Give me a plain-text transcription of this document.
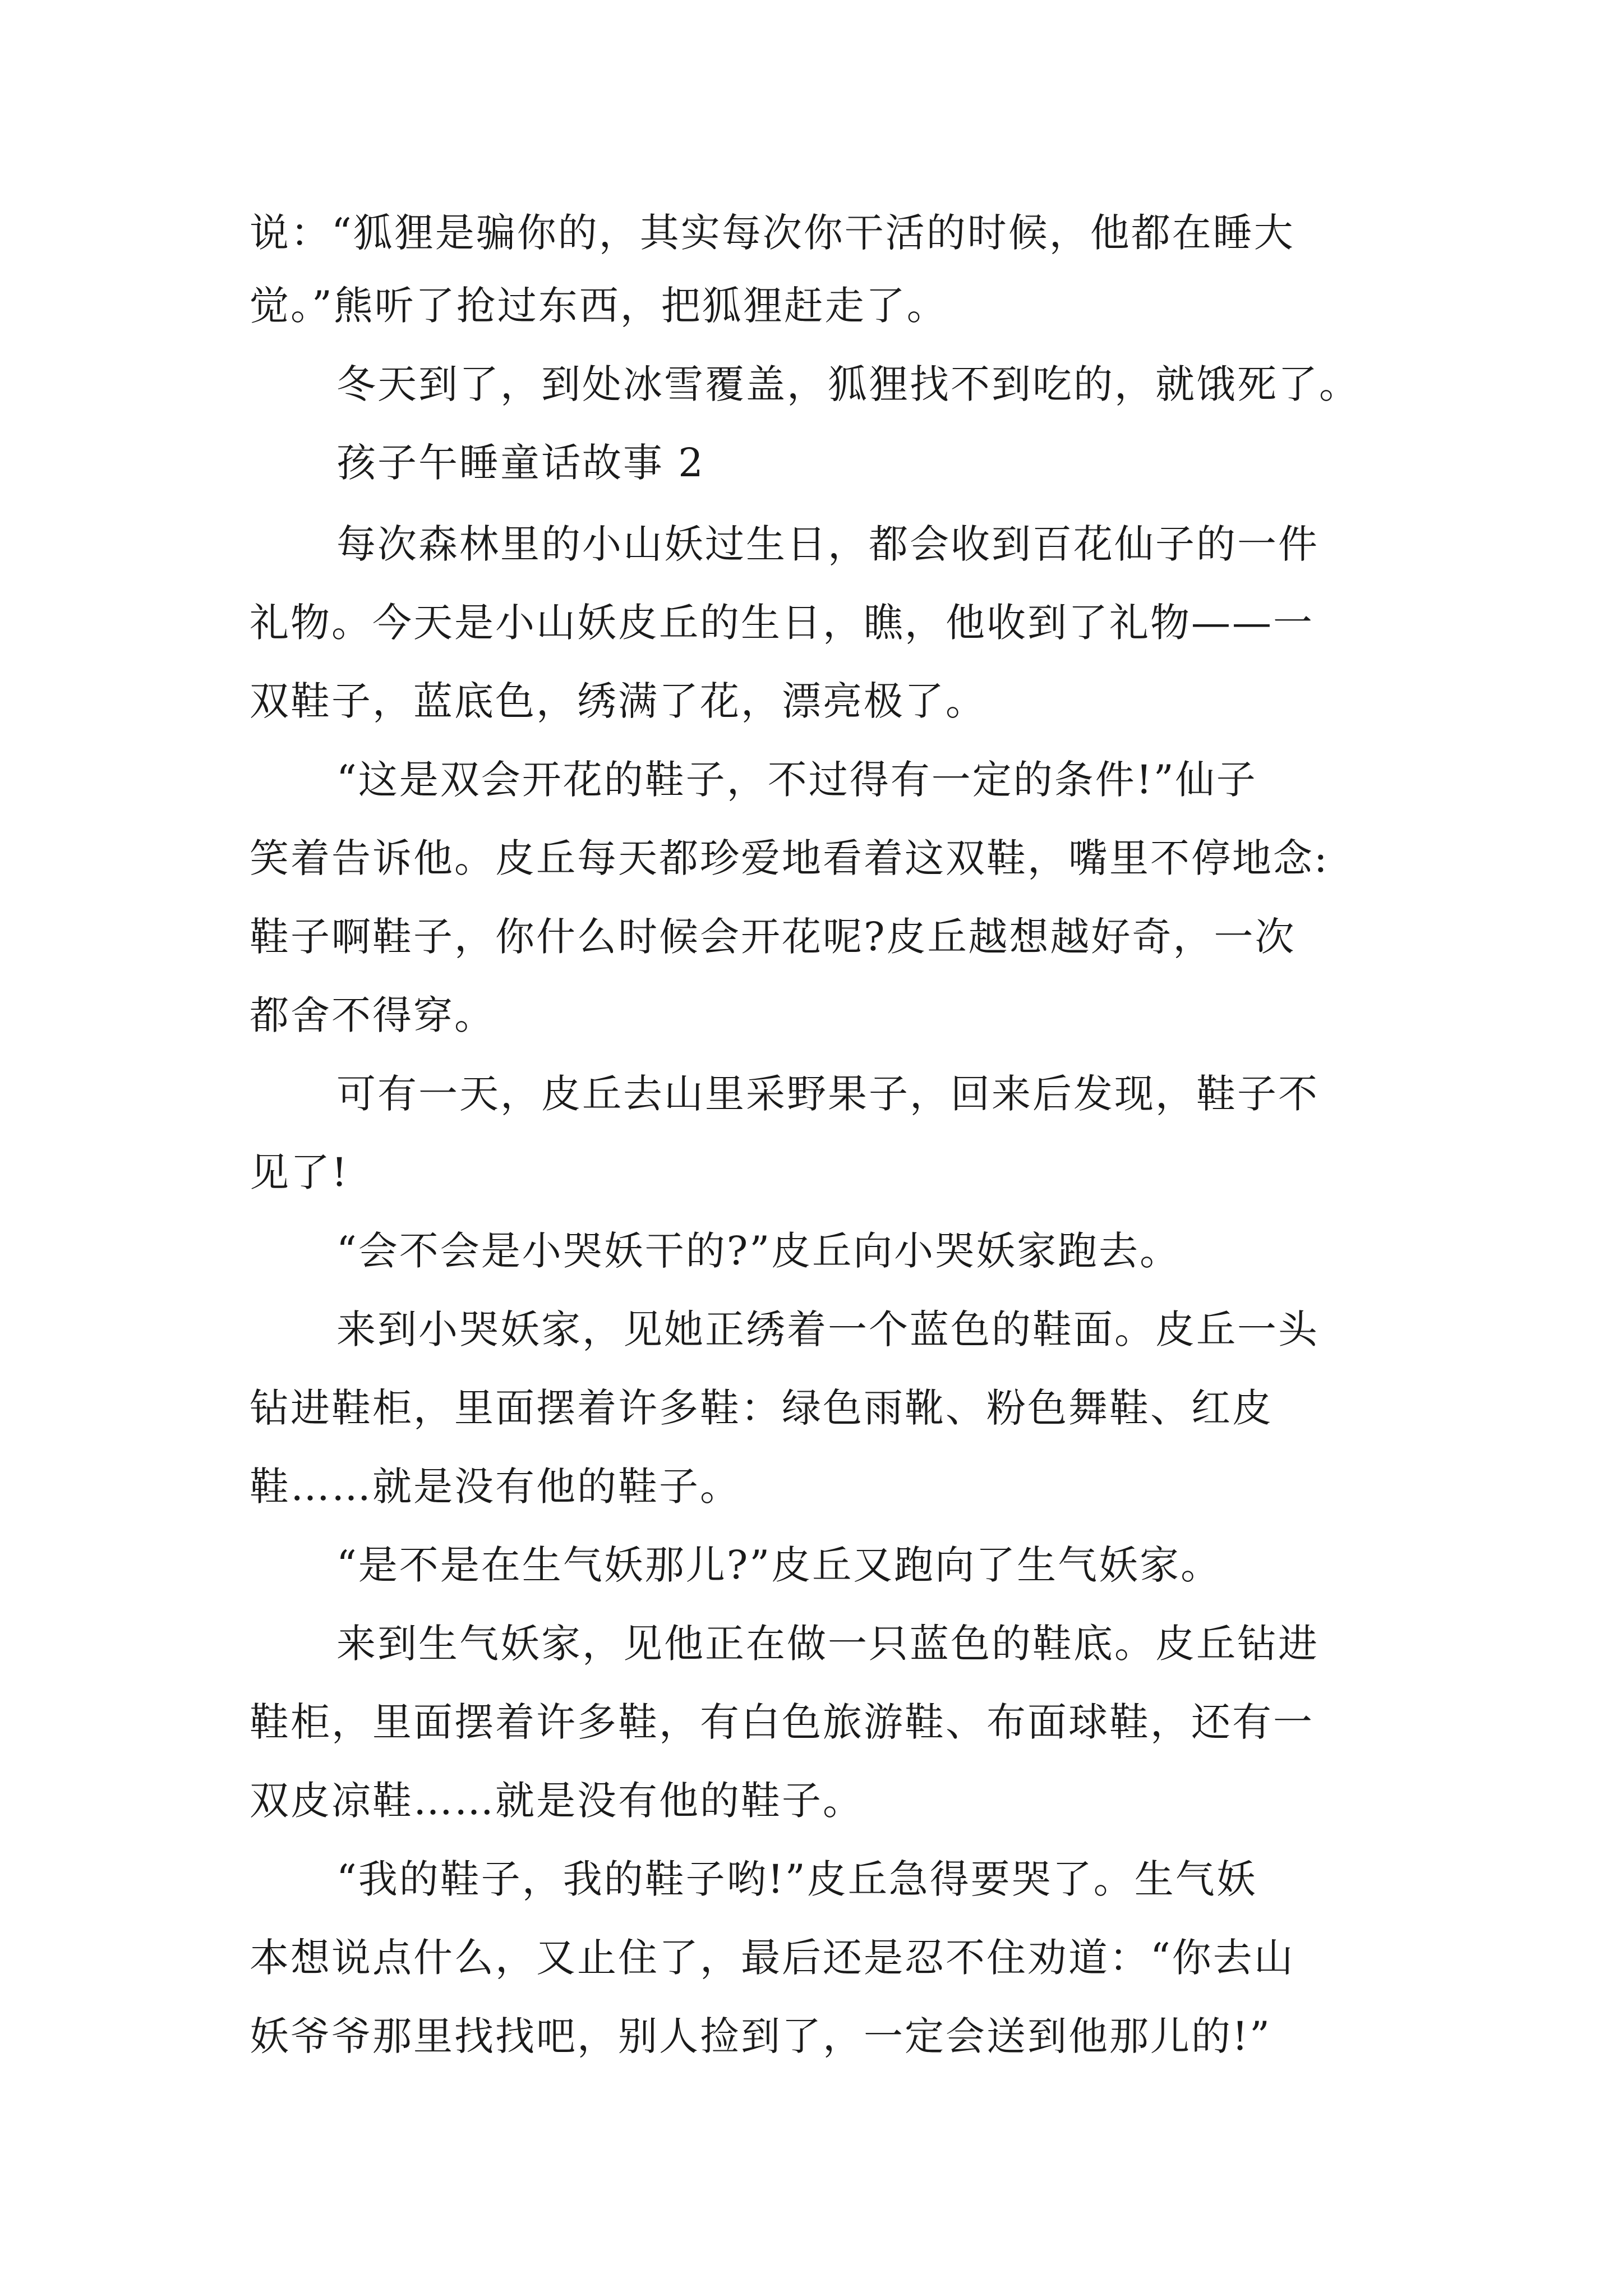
说：“狐狸是骗你的，其实每次你干活的时候，他都在睡大
觉。”熊听了抢过东西，把狐狸赶走了。
冬天到了，到处冰雪覆盖，狐狸找不到吃的，就饿死了。
孩子午睡童话故事 2
每次森林里的小山妖过生日，都会收到百花仙子的一件
礼物。今天是小山妖皮丘的生日，瞧，他收到了礼物——一
双鞋子，蓝底色，绣满了花，漂亮极了。
“这是双会开花的鞋子，不过得有一定的条件!”仙子
笑着告诉他。皮丘每天都珍爱地看着这双鞋，嘴里不停地念:
鞋子啊鞋子，你什么时候会开花呢?皮丘越想越好奇，一次
都舍不得穿。
可有一天，皮丘去山里采野果子，回来后发现，鞋子不
见了!
“会不会是小哭妖干的?”皮丘向小哭妖家跑去。
来到小哭妖家，见她正绣着一个蓝色的鞋面。皮丘一头
钻进鞋柜，里面摆着许多鞋：绿色雨靴、粉色舞鞋、红皮
鞋……就是没有他的鞋子。
“是不是在生气妖那儿?”皮丘又跑向了生气妖家。
来到生气妖家，见他正在做一只蓝色的鞋底。皮丘钻进
鞋柜，里面摆着许多鞋，有白色旅游鞋、布面球鞋，还有一
双皮凉鞋……就是没有他的鞋子。
“我的鞋子，我的鞋子哟!”皮丘急得要哭了。生气妖
本想说点什么，又止住了，最后还是忍不住劝道：“你去山
妖爷爷那里找找吧，别人捡到了，一定会送到他那儿的!”
